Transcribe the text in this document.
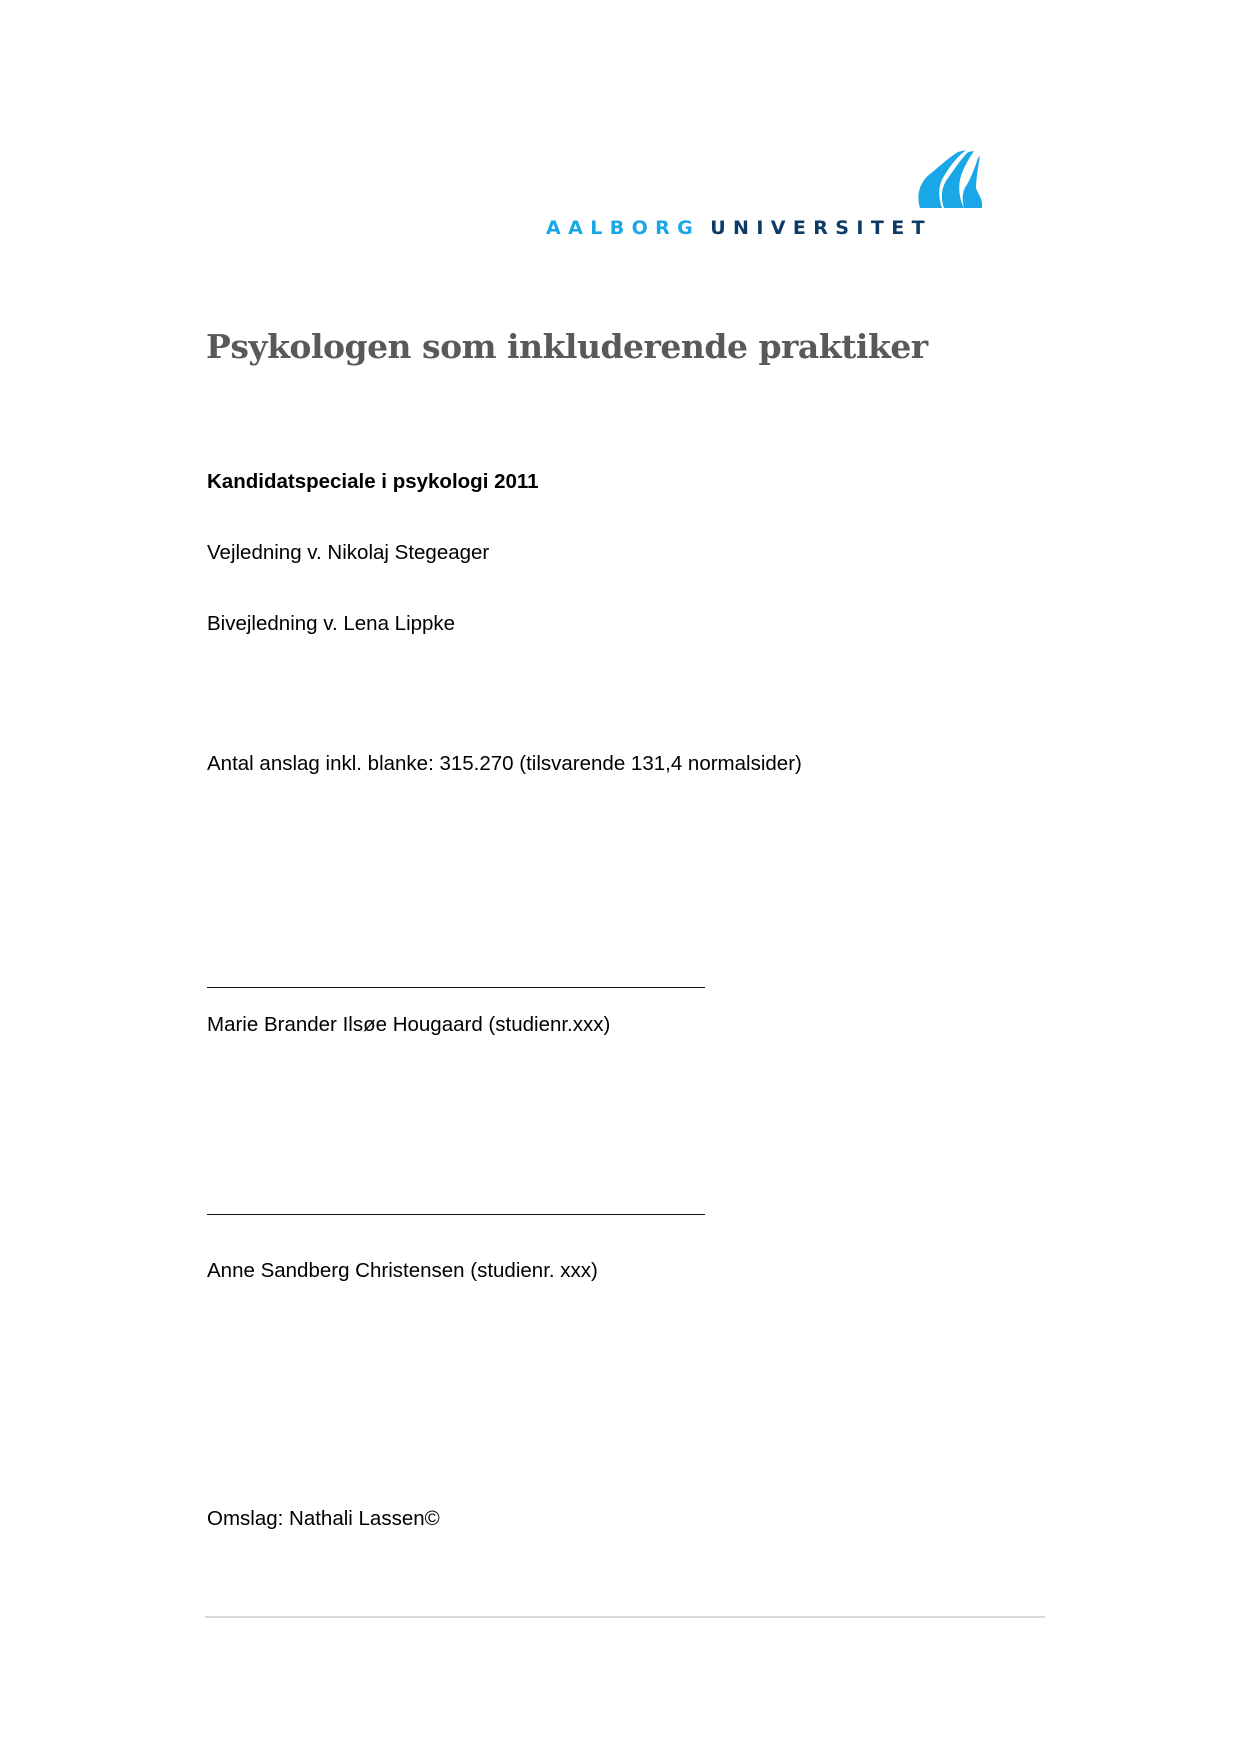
AALBORG UNIVERSITET
Psykologen som inkluderende praktiker
Kandidatspeciale i psykologi 2011
Vejledning v. Nikolaj Stegeager
Bivejledning v. Lena Lippke
Antal anslag inkl. blanke: 315.270 (tilsvarende 131,4 normalsider)
Marie Brander Ilsøe Hougaard (studienr.xxx)
Anne Sandberg Christensen (studienr. xxx)
Omslag: Nathali Lassen©
